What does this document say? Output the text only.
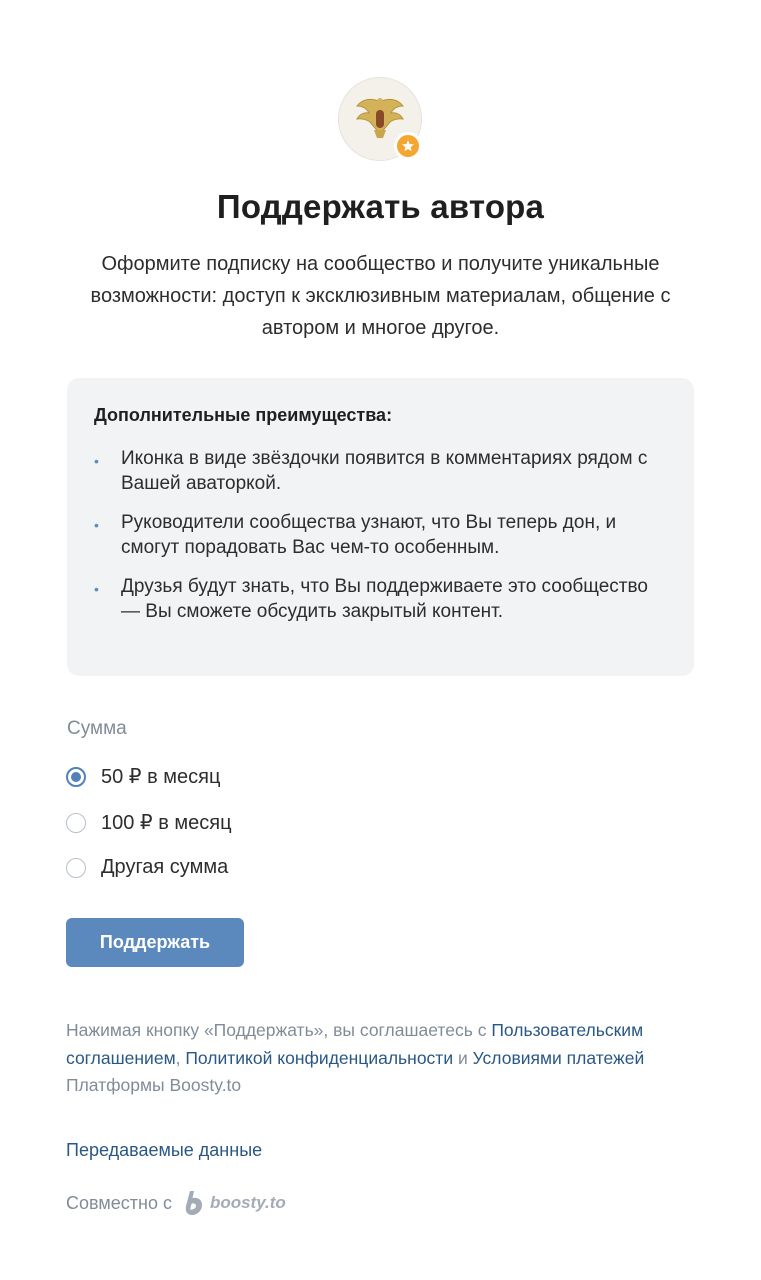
Поддержать автора
Оформите подписку на сообщество и получите уникальные возможности: доступ к эксклюзивным материалам, общение с автором и многое другое.
Дополнительные преимущества:
• Иконка в виде звёздочки появится в комментариях рядом с Вашей аваторкой.
• Руководители сообщества узнают, что Вы теперь дон, и смогут порадовать Вас чем-то особенным.
• Друзья будут знать, что Вы поддерживаете это сообщество — Вы сможете обсудить закрытый контент.
Сумма
50 ₽ в месяц
100 ₽ в месяц
Другая сумма
Поддержать
Нажимая кнопку «Поддержать», вы соглашаетесь с Пользовательским соглашением, Политикой конфиденциальности и Условиями платежей Платформы Boosty.to
Передаваемые данные
Совместно с boosty.to
